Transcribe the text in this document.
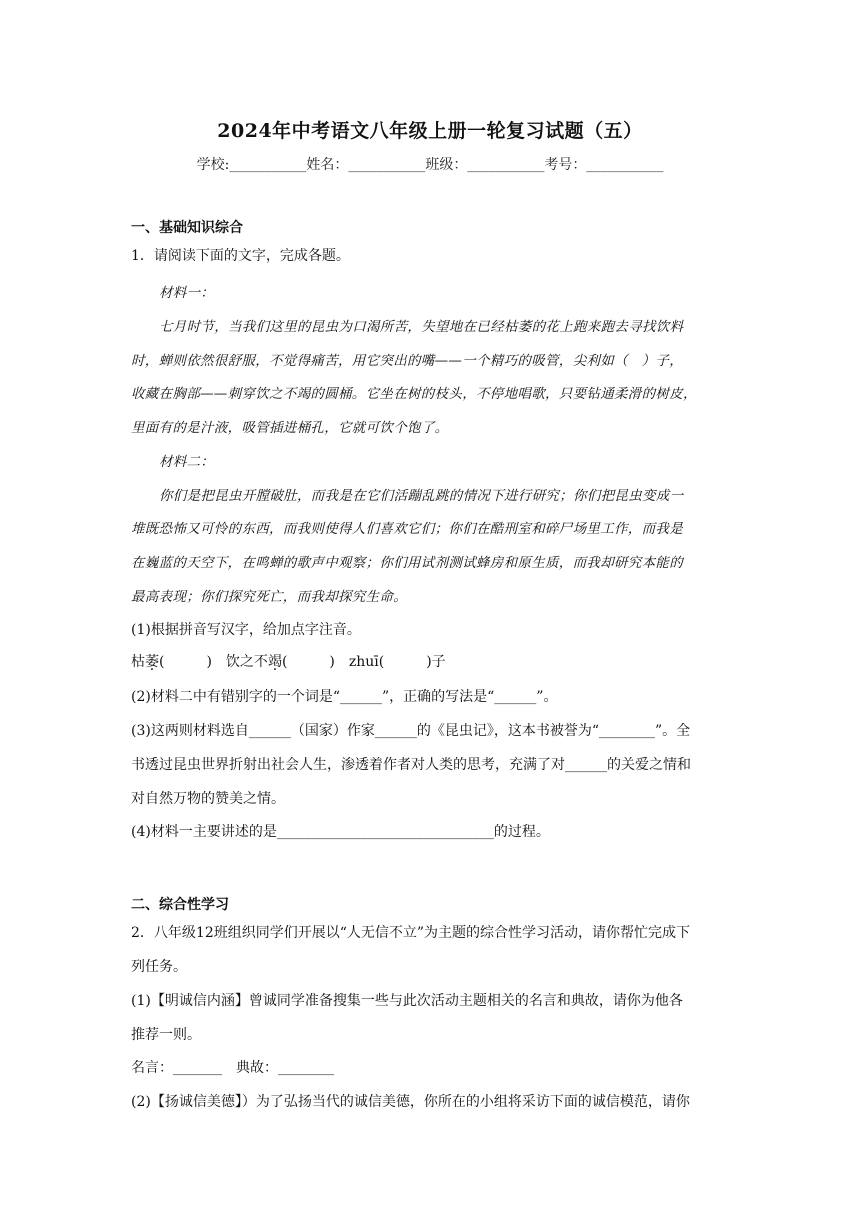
2024年中考语文八年级上册一轮复习试题（五）
学校:___________姓名：___________班级：___________考号：___________
一、基础知识综合
1．请阅读下面的文字，完成各题。
材料一：
七月时节，当我们这里的昆虫为口渴所苦，失望地在已经枯萎的花上跑来跑去寻找饮料
时，蝉则依然很舒服，不觉得痛苦，用它突出的嘴——一个精巧的吸管，尖利如（　）子，
收藏在胸部——刺穿饮之不竭的圆桶。它坐在树的枝头，不停地唱歌，只要钻通柔滑的树皮，
里面有的是汁液，吸管插进桶孔，它就可饮个饱了。
材料二：
你们是把昆虫开膛破肚，而我是在它们活蹦乱跳的情况下进行研究；你们把昆虫变成一
堆既恐怖又可怜的东西，而我则使得人们喜欢它们；你们在酷刑室和碎尸场里工作，而我是
在巍蓝的天空下，在鸣蝉的歌声中观察；你们用试剂测试蜂房和原生质，而我却研究本能的
最高表现；你们探究死亡，而我却探究生命。
(1)根据拼音写汉字，给加点字注音。
枯萎(　　　)　饮之不竭(　　　)　zhuī(　　　)子
(2)材料二中有错别字的一个词是“______”，正确的写法是“______”。
(3)这两则材料选自______（国家）作家______的《昆虫记》，这本书被誉为“________”。全
书透过昆虫世界折射出社会人生，渗透着作者对人类的思考，充满了对______的关爱之情和
对自然万物的赞美之情。
(4)材料一主要讲述的是_______________________________的过程。
二、综合性学习
2．八年级12班组织同学们开展以“人无信不立”为主题的综合性学习活动，请你帮忙完成下
列任务。
(1)【明诚信内涵】曾诚同学准备搜集一些与此次活动主题相关的名言和典故，请你为他各
推荐一则。
名言：_______　典故：________
(2)【扬诚信美德】）为了弘扬当代的诚信美德，你所在的小组将采访下面的诚信模范，请你
